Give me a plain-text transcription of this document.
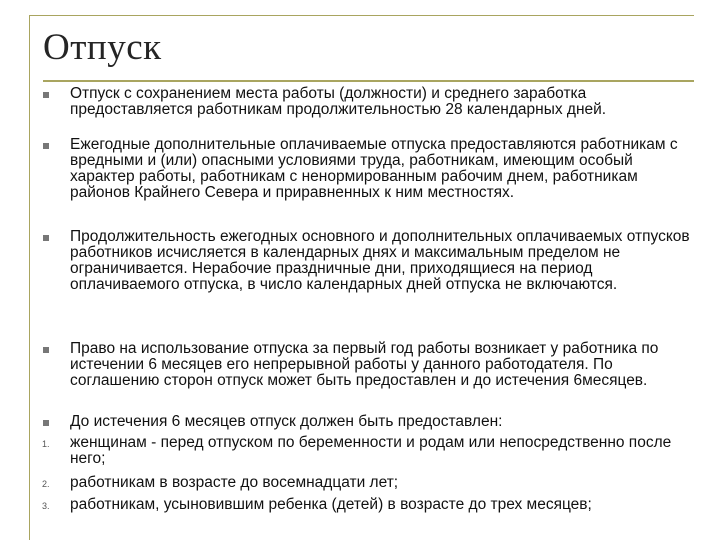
Отпуск
Отпуск с сохранением места работы (должности) и среднего заработка предоставляется работникам продолжительностью 28 календарных дней.
Ежегодные дополнительные оплачиваемые отпуска предоставляются работникам с вредными и (или) опасными условиями труда, работникам, имеющим особый характер работы, работникам с ненормированным рабочим днем, работникам районов Крайнего Севера и приравненных к ним местностях.
Продолжительность ежегодных основного и дополнительных оплачиваемых отпусков работников исчисляется в календарных днях и максимальным пределом не ограничивается. Нерабочие праздничные дни, приходящиеся на период оплачиваемого отпуска, в число календарных дней отпуска не включаются.
Право на использование отпуска за первый год работы возникает у работника по истечении 6 месяцев его непрерывной работы у данного работодателя. По соглашению сторон отпуск может быть предоставлен и до истечения 6месяцев.
До истечения 6 месяцев отпуск должен быть предоставлен:
1. женщинам - перед отпуском по беременности и родам или непосредственно после него;
2. работникам в возрасте до восемнадцати лет;
3. работникам, усыновившим ребенка (детей) в возрасте до трех месяцев;
